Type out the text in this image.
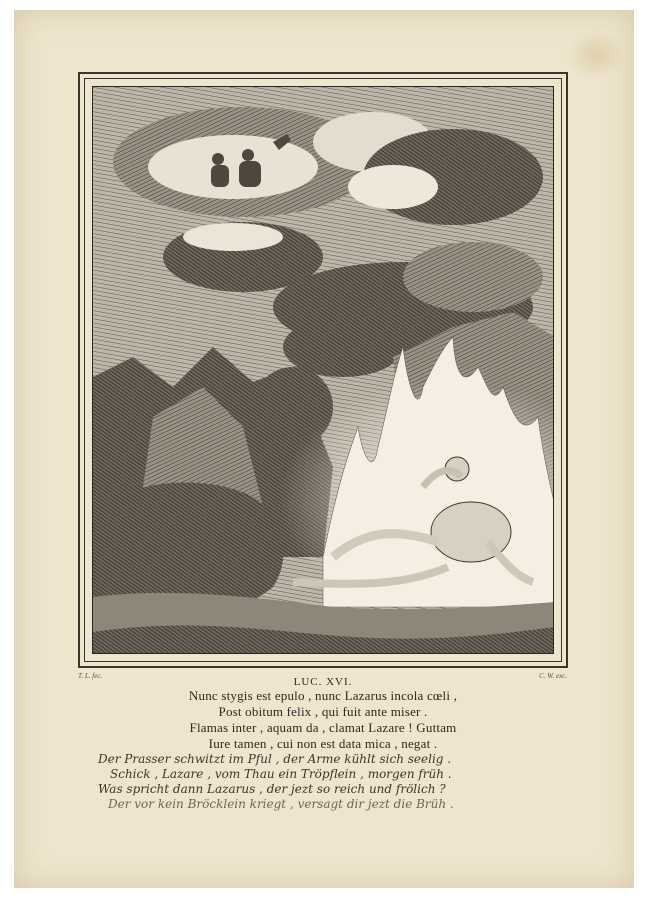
T. L. fec.	C. W. exc.
LUC. XVI.
Nunc stygis est epulo , nunc Lazarus incola cœli ,
Post obitum felix , qui fuit ante miser .
Flamas inter , aquam da , clamat Lazare ! Guttam
Iure tamen , cui non est data mica , negat .
Der Prasser schwitzt im Pful , der Arme kühlt sich seelig .
Schick , Lazare , vom Thau ein Tröpflein , morgen früh .
Was spricht dann Lazarus , der jezt so reich und frölich ?
Der vor kein Bröcklein kriegt , versagt dir jezt die Brüh .
